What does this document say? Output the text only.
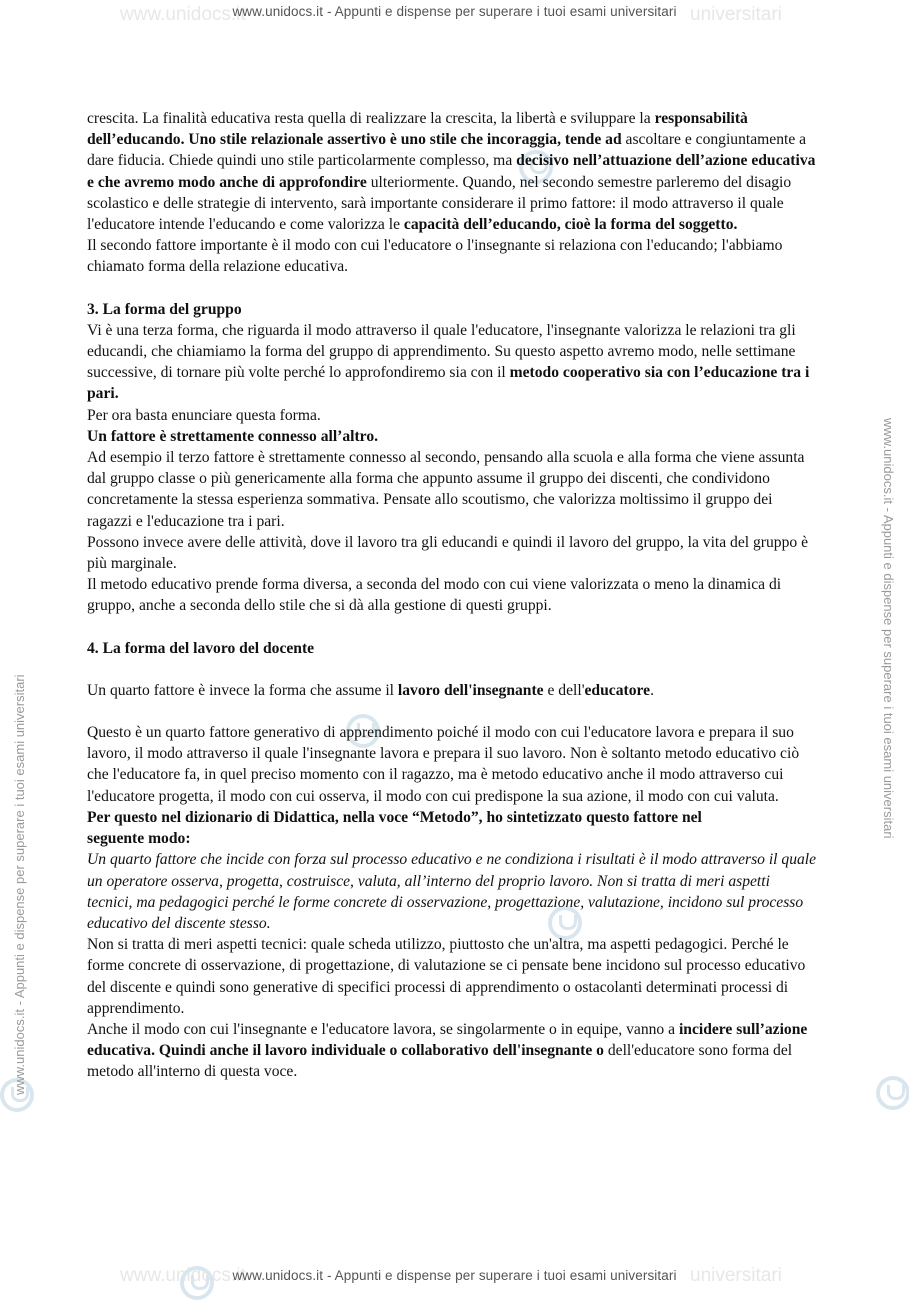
www.unidocs.it	universitari
www.unidocs.it	universitari
www.unidocs.it - Appunti e dispense per superare i tuoi esami universitari
www.unidocs.it - Appunti e dispense per superare i tuoi esami universitari
www.unidocs.it - Appunti e dispense per superare i tuoi esami universitari
www.unidocs.it - Appunti e dispense per superare i tuoi esami universitari

crescita. La finalità educativa resta quella di realizzare la crescita, la libertà e sviluppare la responsabilità dell’educando. Uno stile relazionale assertivo è uno stile che incoraggia, tende ad ascoltare e congiuntamente a dare fiducia. Chiede quindi uno stile particolarmente complesso, ma decisivo nell’attuazione dell’azione educativa e che avremo modo anche di approfondire ulteriormente. Quando, nel secondo semestre parleremo del disagio scolastico e delle strategie di intervento, sarà importante considerare il primo fattore: il modo attraverso il quale l'educatore intende l'educando e come valorizza le capacità dell’educando, cioè la forma del soggetto.

Il secondo fattore importante è il modo con cui l'educatore o l'insegnante si relaziona con l'educando; l'abbiamo chiamato forma della relazione educativa.

3. La forma del gruppo

Vi è una terza forma, che riguarda il modo attraverso il quale l'educatore, l'insegnante valorizza le relazioni tra gli educandi, che chiamiamo la forma del gruppo di apprendimento. Su questo aspetto avremo modo, nelle settimane successive, di tornare più volte perché lo approfondiremo sia con il metodo cooperativo sia con l’educazione tra i pari.

Per ora basta enunciare questa forma.

Un fattore è strettamente connesso all’altro.

Ad esempio il terzo fattore è strettamente connesso al secondo, pensando alla scuola e alla forma che viene assunta dal gruppo classe o più genericamente alla forma che appunto assume il gruppo dei discenti, che condividono concretamente la stessa esperienza sommativa. Pensate allo scoutismo, che valorizza moltissimo il gruppo dei ragazzi e l'educazione tra i pari.

Possono invece avere delle attività, dove il lavoro tra gli educandi e quindi il lavoro del gruppo, la vita del gruppo è più marginale.

Il metodo educativo prende forma diversa, a seconda del modo con cui viene valorizzata o meno la dinamica di gruppo, anche a seconda dello stile che si dà alla gestione di questi gruppi.

4. La forma del lavoro del docente

Un quarto fattore è invece la forma che assume il lavoro dell'insegnante e dell'educatore.

Questo è un quarto fattore generativo di apprendimento poiché il modo con cui l'educatore lavora e prepara il suo lavoro, il modo attraverso il quale l'insegnante lavora e prepara il suo lavoro. Non è soltanto metodo educativo ciò che l'educatore fa, in quel preciso momento con il ragazzo, ma è metodo educativo anche il modo attraverso cui l'educatore progetta, il modo con cui osserva, il modo con cui predispone la sua azione, il modo con cui valuta.

Per questo nel dizionario di Didattica, nella voce “Metodo”, ho sintetizzato questo fattore nel
seguente modo:

Un quarto fattore che incide con forza sul processo educativo e ne condiziona i risultati è il modo attraverso il quale un operatore osserva, progetta, costruisce, valuta, all’interno del proprio lavoro. Non si tratta di meri aspetti tecnici, ma pedagogici perché le forme concrete di osservazione, progettazione, valutazione, incidono sul processo educativo del discente stesso.

Non si tratta di meri aspetti tecnici: quale scheda utilizzo, piuttosto che un'altra, ma aspetti pedagogici. Perché le forme concrete di osservazione, di progettazione, di valutazione se ci pensate bene incidono sul processo educativo del discente e quindi sono generative di specifici processi di apprendimento o ostacolanti determinati processi di apprendimento.

Anche il modo con cui l'insegnante e l'educatore lavora, se singolarmente o in equipe, vanno a incidere sull’azione educativa. Quindi anche il lavoro individuale o collaborativo dell'insegnante o dell'educatore sono forma del metodo all'interno di questa voce.
